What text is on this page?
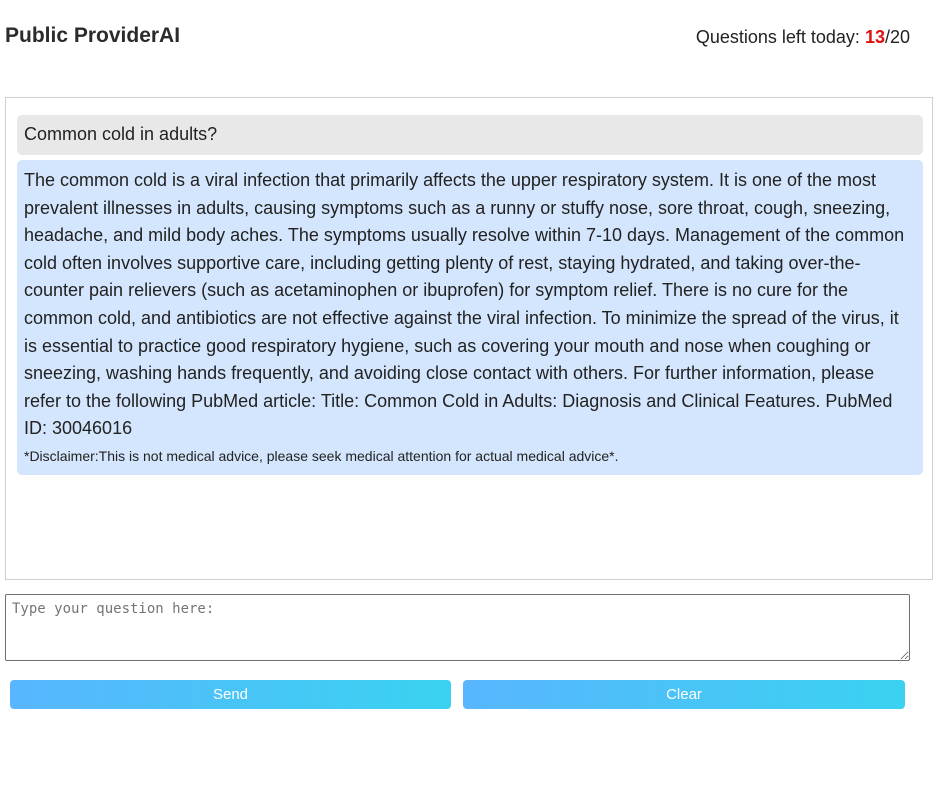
Public ProviderAI	Questions left today: 13/20
Common cold in adults?
The common cold is a viral infection that primarily affects the upper respiratory system. It is one of the most prevalent illnesses in adults, causing symptoms such as a runny or stuffy nose, sore throat, cough, sneezing, headache, and mild body aches. The symptoms usually resolve within 7-10 days. Management of the common cold often involves supportive care, including getting plenty of rest, staying hydrated, and taking over-the-counter pain relievers (such as acetaminophen or ibuprofen) for symptom relief. There is no cure for the common cold, and antibiotics are not effective against the viral infection. To minimize the spread of the virus, it is essential to practice good respiratory hygiene, such as covering your mouth and nose when coughing or sneezing, washing hands frequently, and avoiding close contact with others. For further information, please refer to the following PubMed article: Title: Common Cold in Adults: Diagnosis and Clinical Features. PubMed ID: 30046016
*Disclaimer:This is not medical advice, please seek medical attention for actual medical advice*.
Type your question here:
Send	Clear
